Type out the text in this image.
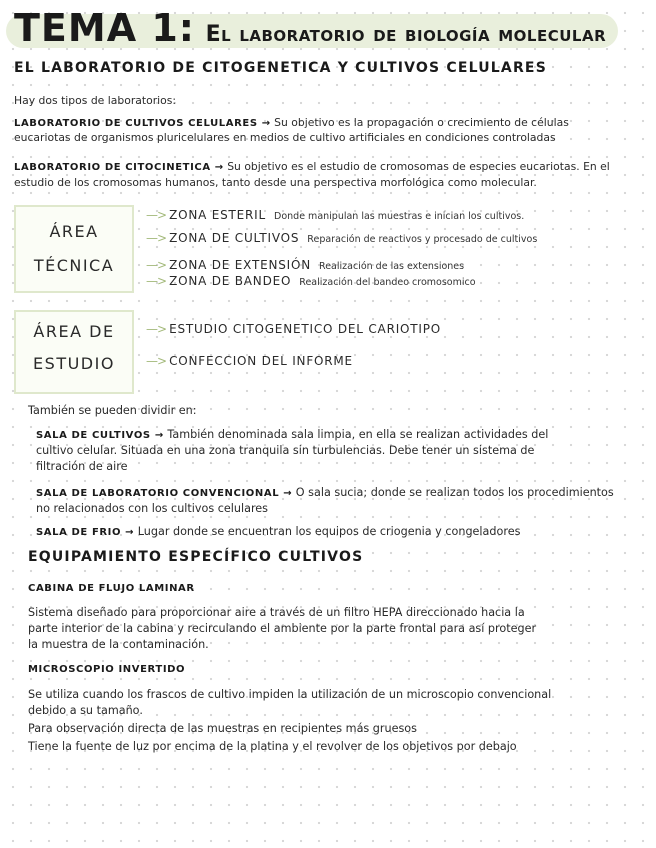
TEMA 1: El laboratorio de biología molecular
EL LABORATORIO DE CITOGENETICA Y CULTIVOS CELULARES
Hay dos tipos de laboratorios:
LABORATORIO DE CULTIVOS CELULARES → Su objetivo es la propagación o crecimiento de células
eucariotas de organismos pluricelulares en medios de cultivo artificiales en condiciones controladas
LABORATORIO DE CITOCINETICA → Su objetivo es el estudio de cromosomas de especies eucariotas. En el
estudio de los cromosomas humanos, tanto desde una perspectiva morfológica como molecular.
ÁREA
TÉCNICA
—> ZONA ESTERIL Donde manipulan las muestras e inician los cultivos.
—> ZONA DE CULTIVOS Reparación de reactivos y procesado de cultivos
—> ZONA DE EXTENSIÓN Realización de las extensiones
—> ZONA DE BANDEO Realización del bandeo cromosomico
ÁREA DE
ESTUDIO
—> ESTUDIO CITOGENETICO DEL CARIOTIPO
—> CONFECCION DEL INFORME
También se pueden dividir en:
SALA DE CULTIVOS → También denominada sala limpia, en ella se realizan actividades del
cultivo celular. Situada en una zona tranquila sin turbulencias. Debe tener un sistema de
filtración de aire
SALA DE LABORATORIO CONVENCIONAL → O sala sucia; donde se realizan todos los procedimientos
no relacionados con los cultivos celulares
SALA DE FRIO → Lugar donde se encuentran los equipos de criogenia y congeladores
EQUIPAMIENTO ESPECÍFICO CULTIVOS
CABINA DE FLUJO LAMINAR
Sistema diseñado para proporcionar aire a través de un filtro HEPA direccionado hacia la
parte interior de la cabina y recirculando el ambiente por la parte frontal para así proteger
la muestra de la contaminación.
MICROSCOPIO INVERTIDO
Se utiliza cuando los frascos de cultivo impiden la utilización de un microscopio convencional
debido a su tamaño.
Para observación directa de las muestras en recipientes más gruesos
Tiene la fuente de luz por encima de la platina y el revolver de los objetivos por debajo
